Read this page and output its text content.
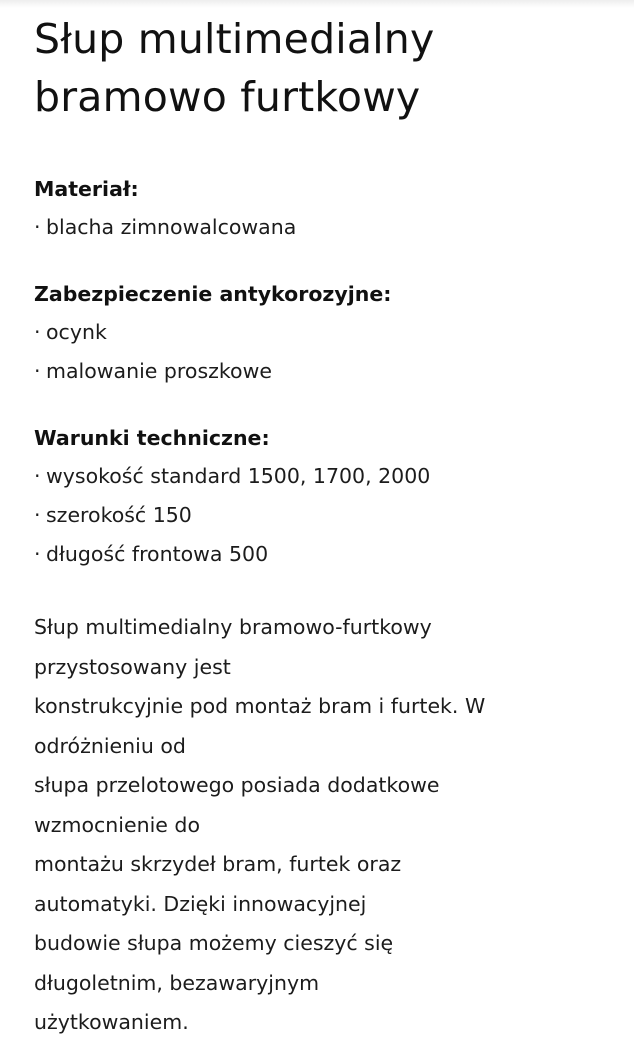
Słup multimedialny
bramowo furtkowy
Materiał:
· blacha zimnowalcowana
Zabezpieczenie antykorozyjne:
· ocynk
· malowanie proszkowe
Warunki techniczne:
· wysokość standard 1500, 1700, 2000
· szerokość 150
· długość frontowa 500
Słup multimedialny bramowo-furtkowy
przystosowany jest
konstrukcyjnie pod montaż bram i furtek. W
odróżnieniu od
słupa przelotowego posiada dodatkowe
wzmocnienie do
montażu skrzydeł bram, furtek oraz
automatyki. Dzięki innowacyjnej
budowie słupa możemy cieszyć się
długoletnim, bezawaryjnym
użytkowaniem.
